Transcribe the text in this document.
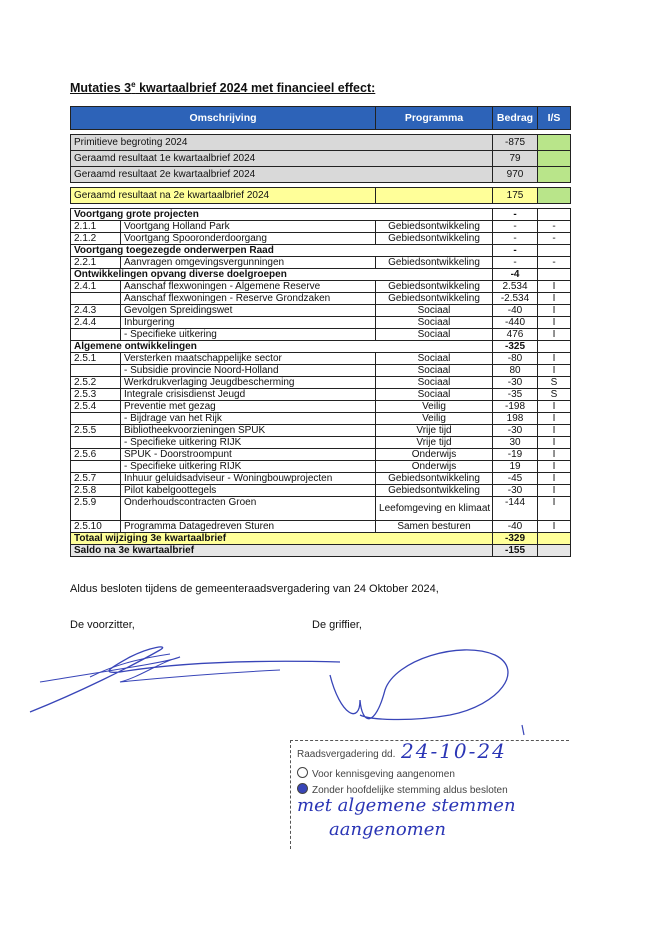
Mutaties 3e kwartaalbrief 2024 met financieel effect:
Omschrijving		Programma	Bedrag	I/S

Primitieve begroting 2024			-875	
Geraamd resultaat 1e kwartaalbrief 2024			79	
Geraamd resultaat 2e kwartaalbrief 2024			970	

Geraamd resultaat na 2e kwartaalbrief 2024			175	

Voortgang grote projecten			-	
2.1.1	Voortgang Holland Park	Gebiedsontwikkeling	-	-
2.1.2	Voortgang Spooronderdoorgang	Gebiedsontwikkeling	-	-
Voortgang toegezegde onderwerpen Raad			-	
2.2.1	Aanvragen omgevingsvergunningen	Gebiedsontwikkeling	-	-
Ontwikkelingen opvang diverse doelgroepen			-4	
2.4.1	Aanschaf flexwoningen - Algemene Reserve	Gebiedsontwikkeling	2.534	I
	Aanschaf flexwoningen - Reserve Grondzaken	Gebiedsontwikkeling	-2.534	I
2.4.3	Gevolgen Spreidingswet	Sociaal	-40	I
2.4.4	Inburgering	Sociaal	-440	I
	- Specifieke uitkering	Sociaal	476	I
Algemene ontwikkelingen			-325	
2.5.1	Versterken maatschappelijke sector	Sociaal	-80	I
	- Subsidie provincie Noord-Holland	Sociaal	80	I
2.5.2	Werkdrukverlaging Jeugdbescherming	Sociaal	-30	S
2.5.3	Integrale crisisdienst Jeugd	Sociaal	-35	S
2.5.4	Preventie met gezag	Veilig	-198	I
	- Bijdrage van het Rijk	Veilig	198	I
2.5.5	Bibliotheekvoorzieningen SPUK	Vrije tijd	-30	I
	- Specifieke uitkering RIJK	Vrije tijd	30	I
2.5.6	SPUK - Doorstroompunt	Onderwijs	-19	I
	- Specifieke uitkering RIJK	Onderwijs	19	I
2.5.7	Inhuur geluidsadviseur - Woningbouwprojecten	Gebiedsontwikkeling	-45	I
2.5.8	Pilot kabelgoottegels	Gebiedsontwikkeling	-30	I
2.5.9	Onderhoudscontracten Groen	Leefomgeving en klimaat	-144	I
2.5.10	Programma Datagedreven Sturen	Samen besturen	-40	I
Totaal wijziging 3e kwartaalbrief			-329	
Saldo na 3e kwartaalbrief			-155	
Aldus besloten tijdens de gemeenteraadsvergadering van 24 Oktober 2024,
De voorzitter,	De griffier,
Raadsvergadering dd. 24-10-24
Voor kennisgeving aangenomen
Zonder hoofdelijke stemming aldus besloten
met algemene stemmen
aangenomen
